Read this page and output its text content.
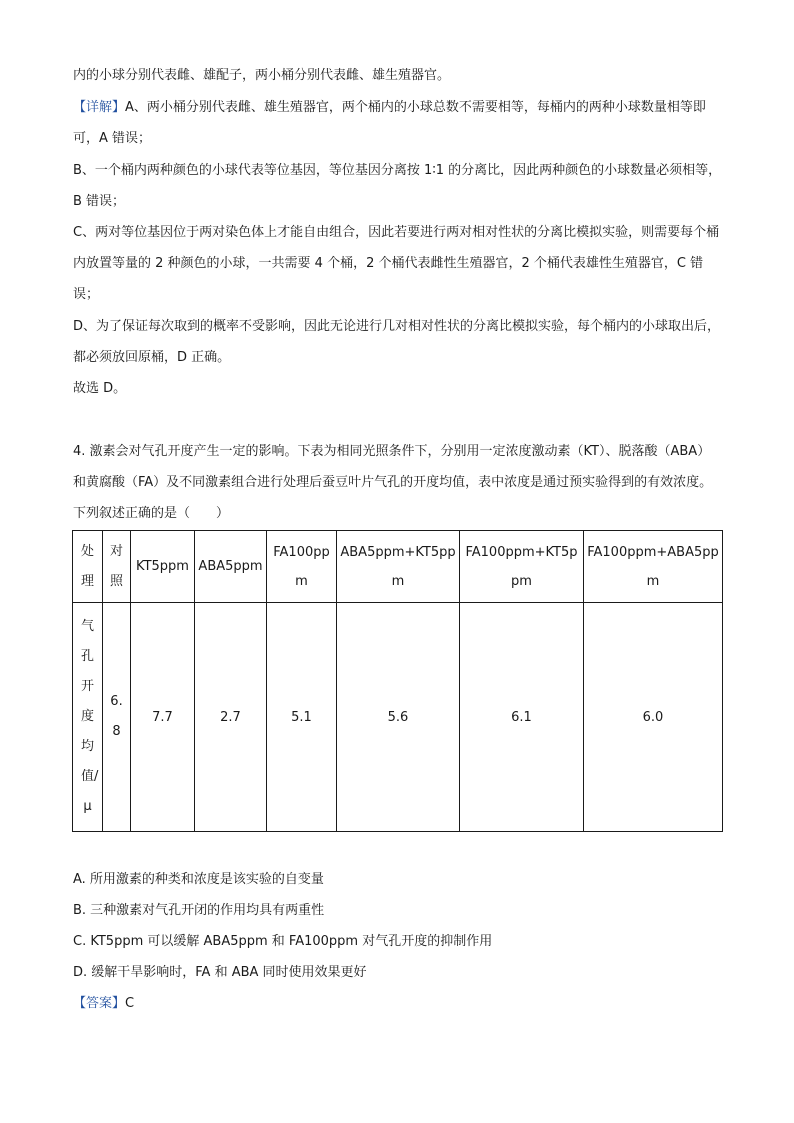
内的小球分别代表雌、雄配子，两小桶分别代表雌、雄生殖器官。

【详解】A、两小桶分别代表雌、雄生殖器官，两个桶内的小球总数不需要相等，每桶内的两种小球数量相等即可，A 错误；

B、一个桶内两种颜色的小球代表等位基因，等位基因分离按 1∶1 的分离比，因此两种颜色的小球数量必须相等，B 错误；

C、两对等位基因位于两对染色体上才能自由组合，因此若要进行两对相对性状的分离比模拟实验，则需要每个桶内放置等量的 2 种颜色的小球，一共需要 4 个桶，2 个桶代表雌性生殖器官，2 个桶代表雄性生殖器官，C 错误；

D、为了保证每次取到的概率不受影响，因此无论进行几对相对性状的分离比模拟实验，每个桶内的小球取出后，都必须放回原桶，D 正确。

故选 D。

4. 激素会对气孔开度产生一定的影响。下表为相同光照条件下，分别用一定浓度激动素（KT）、脱落酸（ABA）和黄腐酸（FA）及不同激素组合进行处理后蚕豆叶片气孔的开度均值，表中浓度是通过预实验得到的有效浓度。下列叙述正确的是（　　）

处理	对照	KT5ppm	ABA5ppm	FA100ppm	ABA5ppm+KT5ppm	FA100ppm+KT5ppm	FA100ppm+ABA5ppm
气孔开度均值/μ	6.8	7.7	2.7	5.1	5.6	6.1	6.0

A. 所用激素的种类和浓度是该实验的自变量

B. 三种激素对气孔开闭的作用均具有两重性

C. KT5ppm 可以缓解 ABA5ppm 和 FA100ppm 对气孔开度的抑制作用

D. 缓解干旱影响时，FA 和 ABA 同时使用效果更好

【答案】C
